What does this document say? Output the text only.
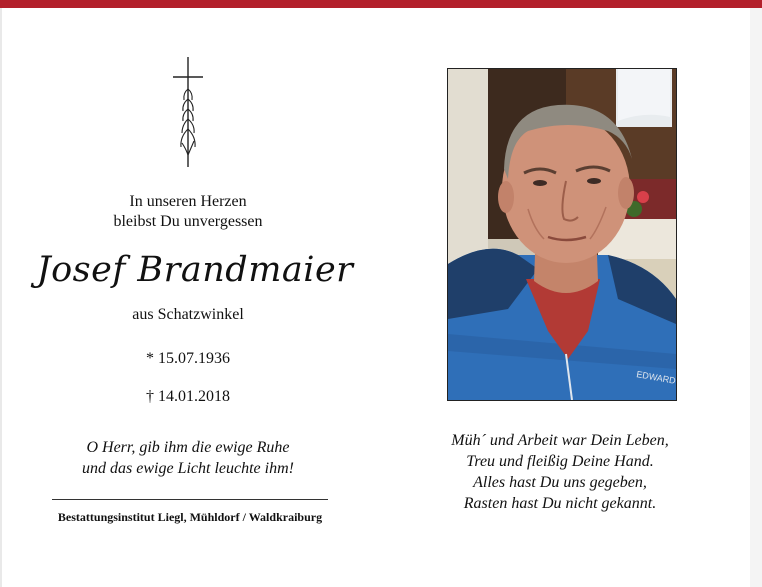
In unseren Herzen
bleibst Du unvergessen
Josef Brandmaier
aus Schatzwinkel
* 15.07.1936
† 14.01.2018
O Herr, gib ihm die ewige Ruhe
und das ewige Licht leuchte ihm!
Bestattungsinstitut Liegl, Mühldorf / Waldkraiburg
EDWARD
Müh´ und Arbeit war Dein Leben,
Treu und fleißig Deine Hand.
Alles hast Du uns gegeben,
Rasten hast Du nicht gekannt.
